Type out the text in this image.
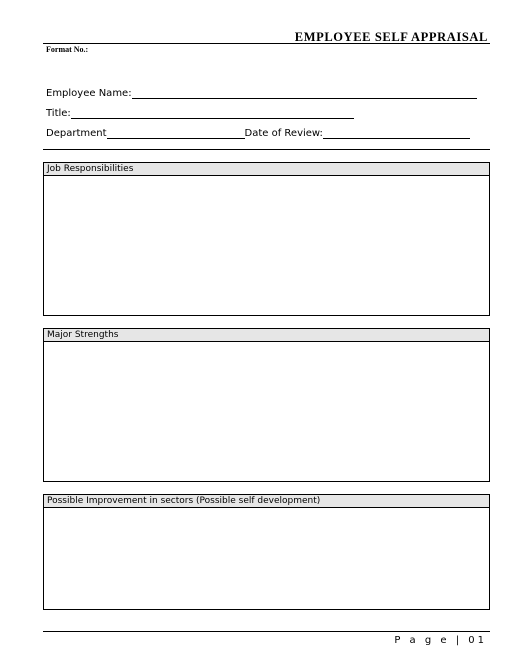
EMPLOYEE SELF APPRAISAL
Format No.:
Employee Name:
Title:
Department	Date of Review:
Job Responsibilities
Major Strengths
Possible Improvement in sectors (Possible self development)
P a g e | 01
